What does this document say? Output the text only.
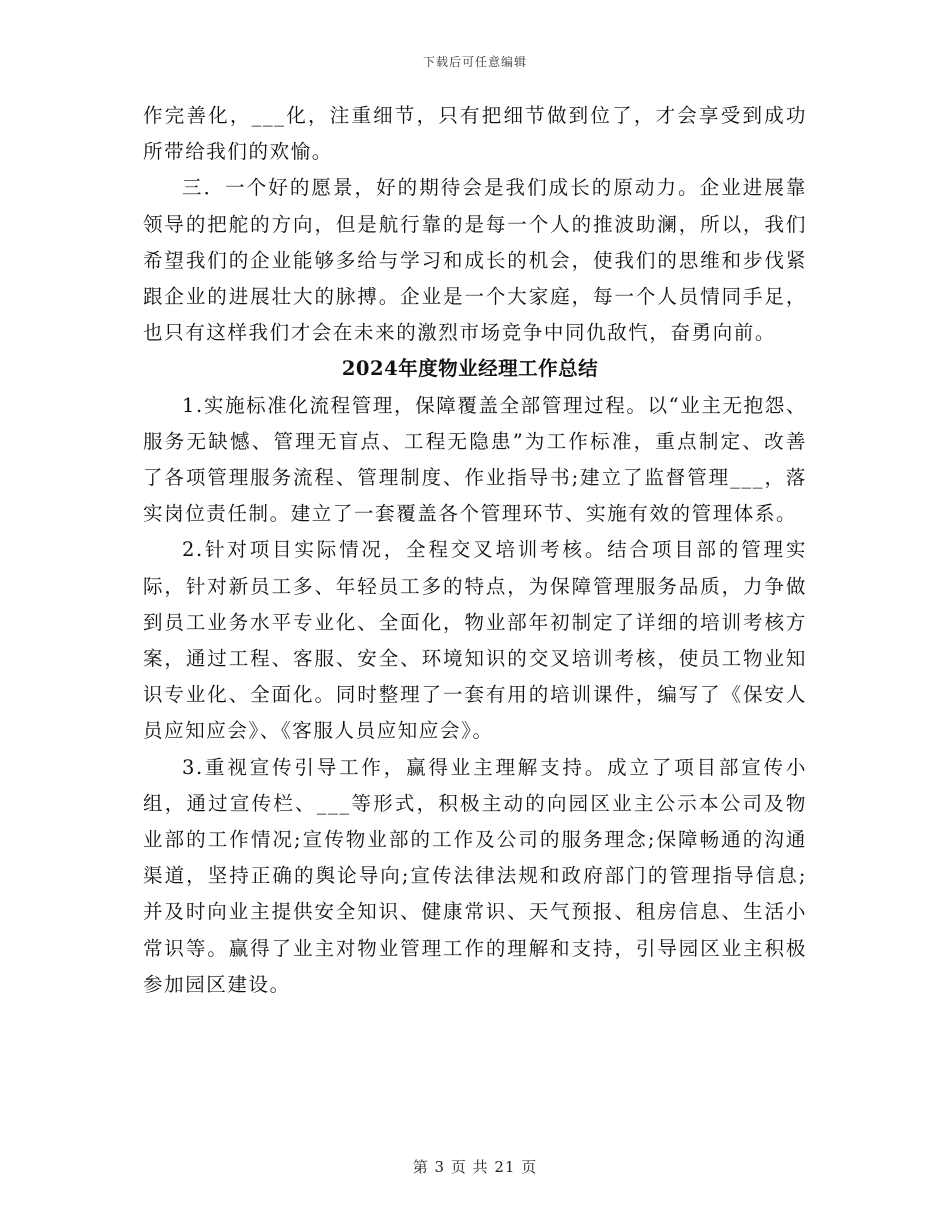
下载后可任意编辑

作完善化，___化，注重细节，只有把细节做到位了，才会享受到成功所带给我们的欢愉。

三．一个好的愿景，好的期待会是我们成长的原动力。企业进展靠领导的把舵的方向，但是航行靠的是每一个人的推波助澜，所以，我们希望我们的企业能够多给与学习和成长的机会，使我们的思维和步伐紧跟企业的进展壮大的脉搏。企业是一个大家庭，每一个人员情同手足，也只有这样我们才会在未来的激烈市场竞争中同仇敌忾，奋勇向前。

2024年度物业经理工作总结

1.实施标准化流程管理，保障覆盖全部管理过程。以“业主无抱怨、服务无缺憾、管理无盲点、工程无隐患”为工作标准，重点制定、改善了各项管理服务流程、管理制度、作业指导书;建立了监督管理___，落实岗位责任制。建立了一套覆盖各个管理环节、实施有效的管理体系。

2.针对项目实际情况，全程交叉培训考核。结合项目部的管理实际，针对新员工多、年轻员工多的特点，为保障管理服务品质，力争做到员工业务水平专业化、全面化，物业部年初制定了详细的培训考核方案，通过工程、客服、安全、环境知识的交叉培训考核，使员工物业知识专业化、全面化。同时整理了一套有用的培训课件，编写了《保安人员应知应会》、《客服人员应知应会》。

3.重视宣传引导工作，赢得业主理解支持。成立了项目部宣传小组，通过宣传栏、___等形式，积极主动的向园区业主公示本公司及物业部的工作情况;宣传物业部的工作及公司的服务理念;保障畅通的沟通渠道，坚持正确的舆论导向;宣传法律法规和政府部门的管理指导信息;并及时向业主提供安全知识、健康常识、天气预报、租房信息、生活小常识等。赢得了业主对物业管理工作的理解和支持，引导园区业主积极参加园区建设。

第 3 页 共 21 页
